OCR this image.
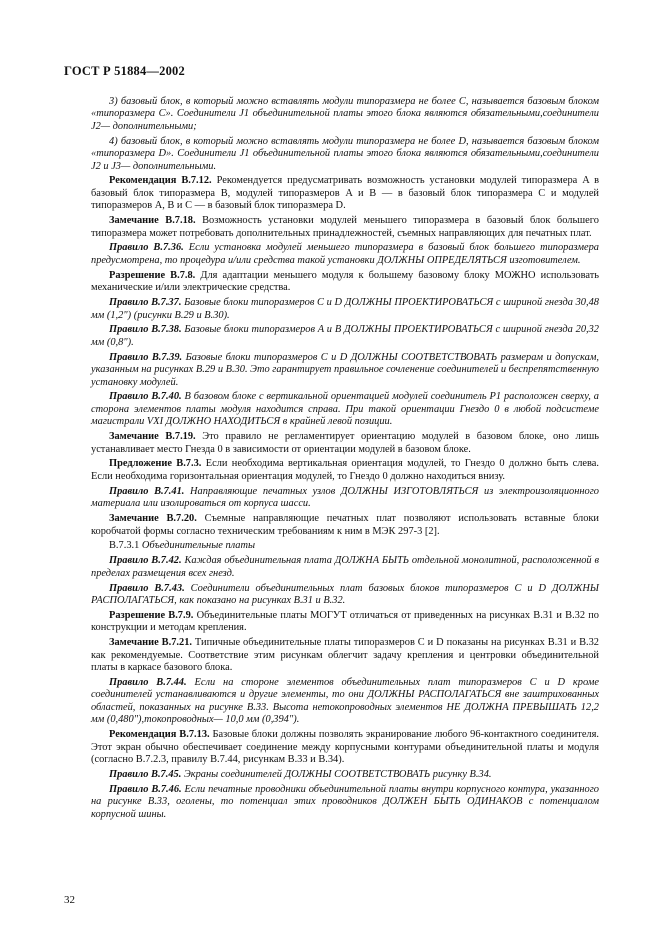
ГОСТ Р 51884—2002

3) базовый блок, в который можно вставлять модули типоразмера не более C, называется базовым блоком «типоразмера C». Соединители J1 объединительной платы этого блока являются обязательными,соединители J2— дополнительными;

4) базовый блок, в который можно вставлять модули типоразмера не более D, называется базовым блоком «типоразмера D». Соединители J1 объединительной платы этого блока являются обязательными,соединители J2 и J3— дополнительными.

Рекомендация B.7.12. Рекомендуется предусматривать возможность установки модулей типоразмера A в базовый блок типоразмера B, модулей типоразмеров A и B — в базовый блок типоразмера C и модулей типоразмеров A, B и C — в базовый блок типоразмера D.

Замечание B.7.18. Возможность установки модулей меньшего типоразмера в базовый блок большего типоразмера может потребовать дополнительных принадлежностей, съемных направляющих для печатных плат.

Правило B.7.36. Если установка модулей меньшего типоразмера в базовый блок большего типоразмера предусмотрена, то процедура и/или средства такой установки ДОЛЖНЫ ОПРЕДЕЛЯТЬСЯ изготовителем.

Разрешение B.7.8. Для адаптации меньшего модуля к большему базовому блоку МОЖНО использовать механические и/или электрические средства.

Правило B.7.37. Базовые блоки типоразмеров C и D ДОЛЖНЫ ПРОЕКТИРОВАТЬСЯ с шириной гнезда 30,48 мм (1,2") (рисунки B.29 и B.30).

Правило B.7.38. Базовые блоки типоразмеров A и B ДОЛЖНЫ ПРОЕКТИРОВАТЬСЯ с шириной гнезда 20,32 мм (0,8").

Правило B.7.39. Базовые блоки типоразмеров C и D ДОЛЖНЫ СООТВЕТСТВОВАТЬ размерам и допускам, указанным на рисунках B.29 и B.30. Это гарантирует правильное сочленение соединителей и беспрепятственную установку модулей.

Правило B.7.40. В базовом блоке с вертикальной ориентацией модулей соединитель P1 расположен сверху, а сторона элементов платы модуля находится справа. При такой ориентации Гнездо 0 в любой подсистеме магистрали VXI ДОЛЖНО НАХОДИТЬСЯ в крайней левой позиции.

Замечание B.7.19. Это правило не регламентирует ориентацию модулей в базовом блоке, оно лишь устанавливает место Гнезда 0 в зависимости от ориентации модулей в базовом блоке.

Предложение B.7.3. Если необходима вертикальная ориентация модулей, то Гнездо 0 должно быть слева. Если необходима горизонтальная ориентация модулей, то Гнездо 0 должно находиться внизу.

Правило B.7.41. Направляющие печатных узлов ДОЛЖНЫ ИЗГОТОВЛЯТЬСЯ из электроизоляционного материала или изолироваться от корпуса шасси.

Замечание B.7.20. Съемные направляющие печатных плат позволяют использовать вставные блоки коробчатой формы согласно техническим требованиям к ним в МЭК 297-3 [2].

B.7.3.1 Объединительные платы

Правило B.7.42. Каждая объединительная плата ДОЛЖНА БЫТЬ отдельной монолитной, расположенной в пределах размещения всех гнезд.

Правило B.7.43. Соединители объединительных плат базовых блоков типоразмеров C и D ДОЛЖНЫ РАСПОЛАГАТЬСЯ, как показано на рисунках B.31 и B.32.

Разрешение B.7.9. Объединительные платы МОГУТ отличаться от приведенных на рисунках B.31 и B.32 по конструкции и методам крепления.

Замечание B.7.21. Типичные объединительные платы типоразмеров C и D показаны на рисунках B.31 и B.32 как рекомендуемые. Соответствие этим рисункам облегчит задачу крепления и центровки объединительной платы в каркасе базового блока.

Правило B.7.44. Если на стороне элементов объединительных плат типоразмеров C и D кроме соединителей устанавливаются и другие элементы, то они ДОЛЖНЫ РАСПОЛАГАТЬСЯ вне заштрихованных областей, показанных на рисунке B.33. Высота нетокопроводных элементов НЕ ДОЛЖНА ПРЕВЫШАТЬ 12,2 мм (0,480"),токопроводных— 10,0 мм (0,394").

Рекомендация B.7.13. Базовые блоки должны позволять экранирование любого 96-контактного соединителя. Этот экран обычно обеспечивает соединение между корпусными контурами объединительной платы и модуля (согласно B.7.2.3, правилу B.7.44, рисункам B.33 и B.34).

Правило B.7.45. Экраны соединителей ДОЛЖНЫ СООТВЕТСТВОВАТЬ рисунку B.34.

Правило B.7.46. Если печатные проводники объединительной платы внутри корпусного контура, указанного на рисунке B.33, оголены, то потенциал этих проводников ДОЛЖЕН БЫТЬ ОДИНАКОВ с потенциалом корпусной шины.

32
